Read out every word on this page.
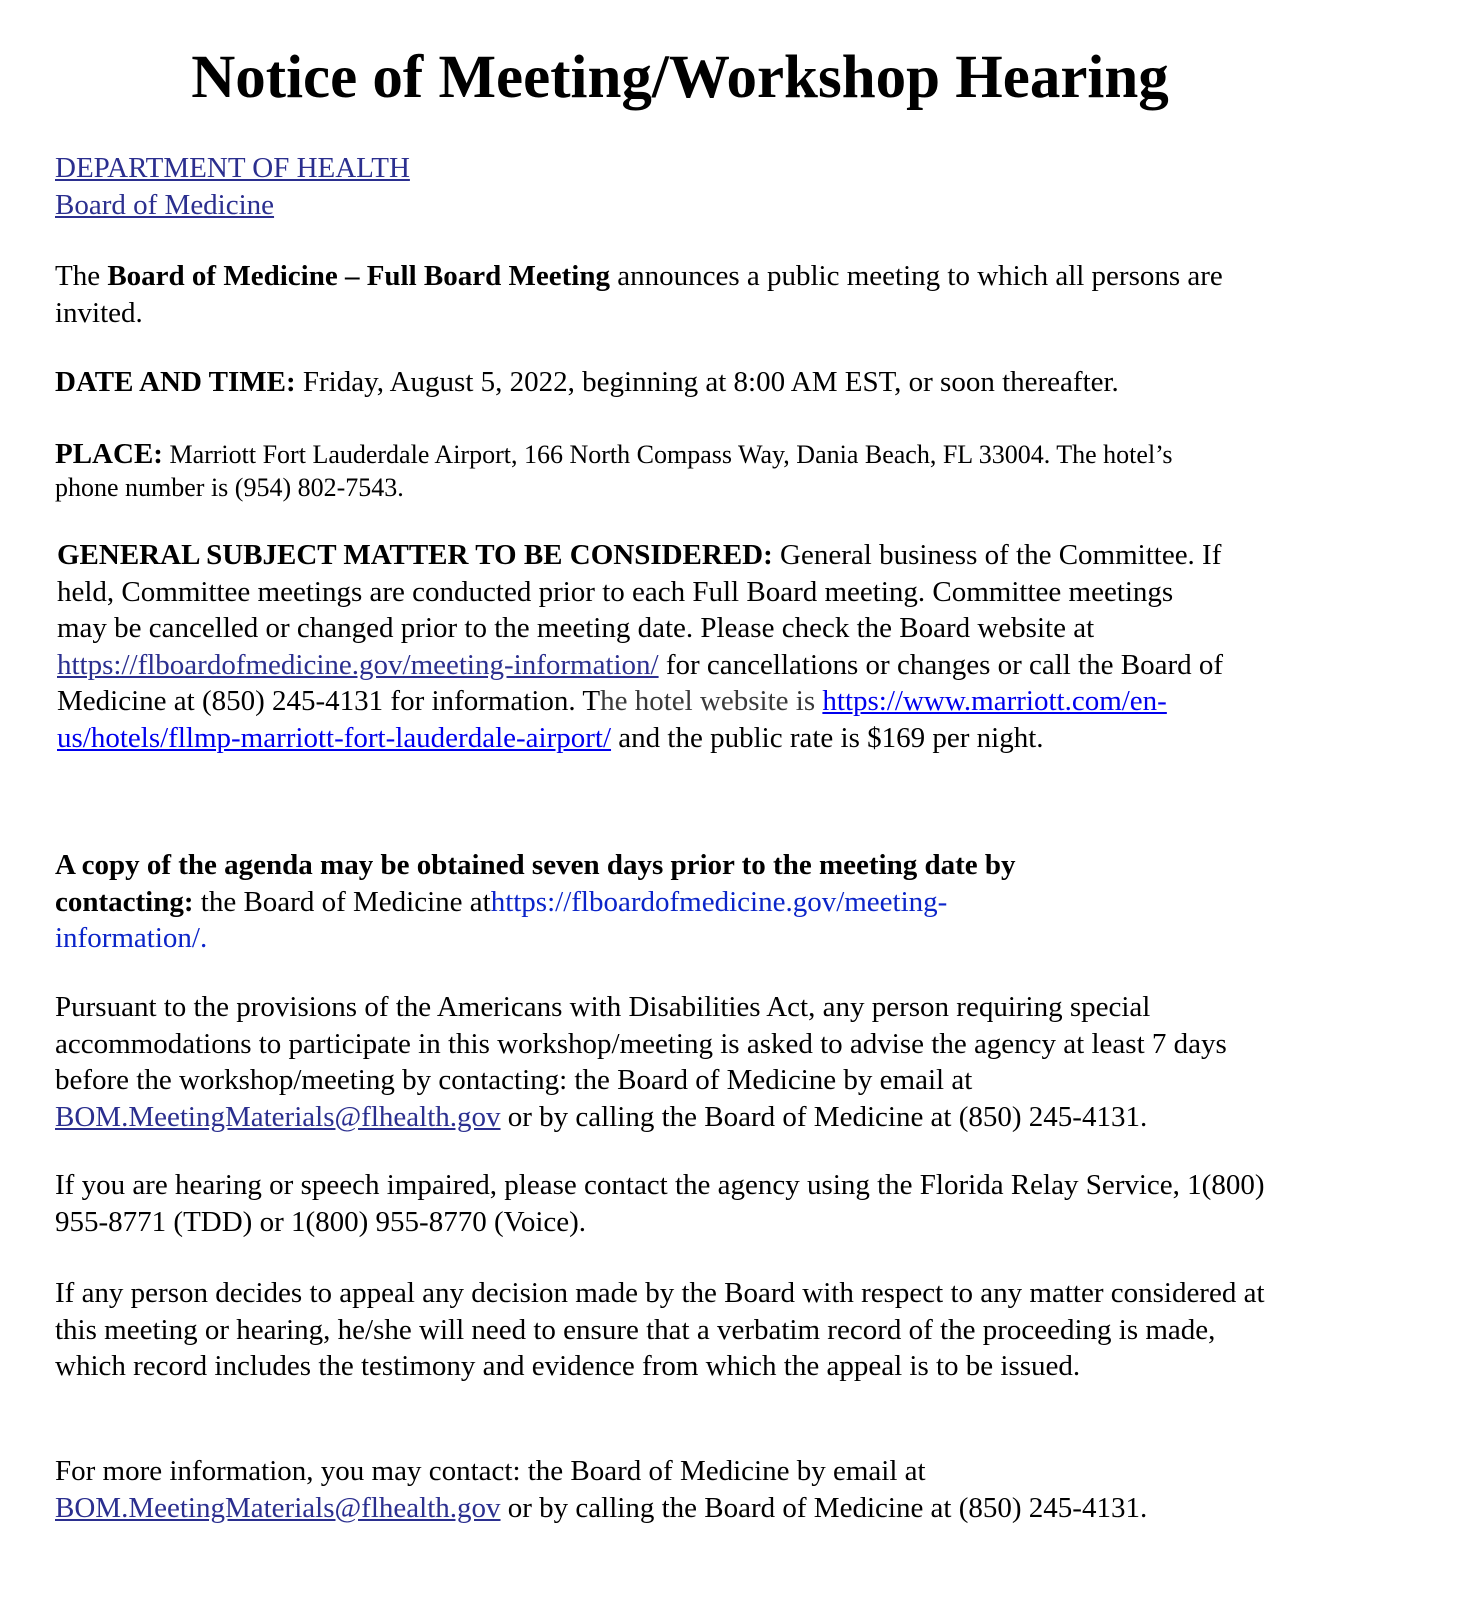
Notice of Meeting/Workshop Hearing
DEPARTMENT OF HEALTH
Board of Medicine

The Board of Medicine – Full Board Meeting announces a public meeting to which all persons are invited.

DATE AND TIME: Friday, August 5, 2022, beginning at 8:00 AM EST, or soon thereafter.

PLACE: Marriott Fort Lauderdale Airport, 166 North Compass Way, Dania Beach, FL 33004. The hotel’s phone number is (954) 802-7543.

GENERAL SUBJECT MATTER TO BE CONSIDERED: General business of the Committee. If held, Committee meetings are conducted prior to each Full Board meeting. Committee meetings may be cancelled or changed prior to the meeting date. Please check the Board website at https://flboardofmedicine.gov/meeting-information/ for cancellations or changes or call the Board of Medicine at (850) 245-4131 for information. The hotel website is https://www.marriott.com/en-us/hotels/fllmp-marriott-fort-lauderdale-airport/ and the public rate is $169 per night.

A copy of the agenda may be obtained seven days prior to the meeting date by contacting: the Board of Medicine athttps://flboardofmedicine.gov/meeting-information/.

Pursuant to the provisions of the Americans with Disabilities Act, any person requiring special accommodations to participate in this workshop/meeting is asked to advise the agency at least 7 days before the workshop/meeting by contacting: the Board of Medicine by email at BOM.MeetingMaterials@flhealth.gov or by calling the Board of Medicine at (850) 245-4131.

If you are hearing or speech impaired, please contact the agency using the Florida Relay Service, 1(800) 955-8771 (TDD) or 1(800) 955-8770 (Voice).

If any person decides to appeal any decision made by the Board with respect to any matter considered at this meeting or hearing, he/she will need to ensure that a verbatim record of the proceeding is made, which record includes the testimony and evidence from which the appeal is to be issued.

For more information, you may contact: the Board of Medicine by email at BOM.MeetingMaterials@flhealth.gov or by calling the Board of Medicine at (850) 245-4131.
